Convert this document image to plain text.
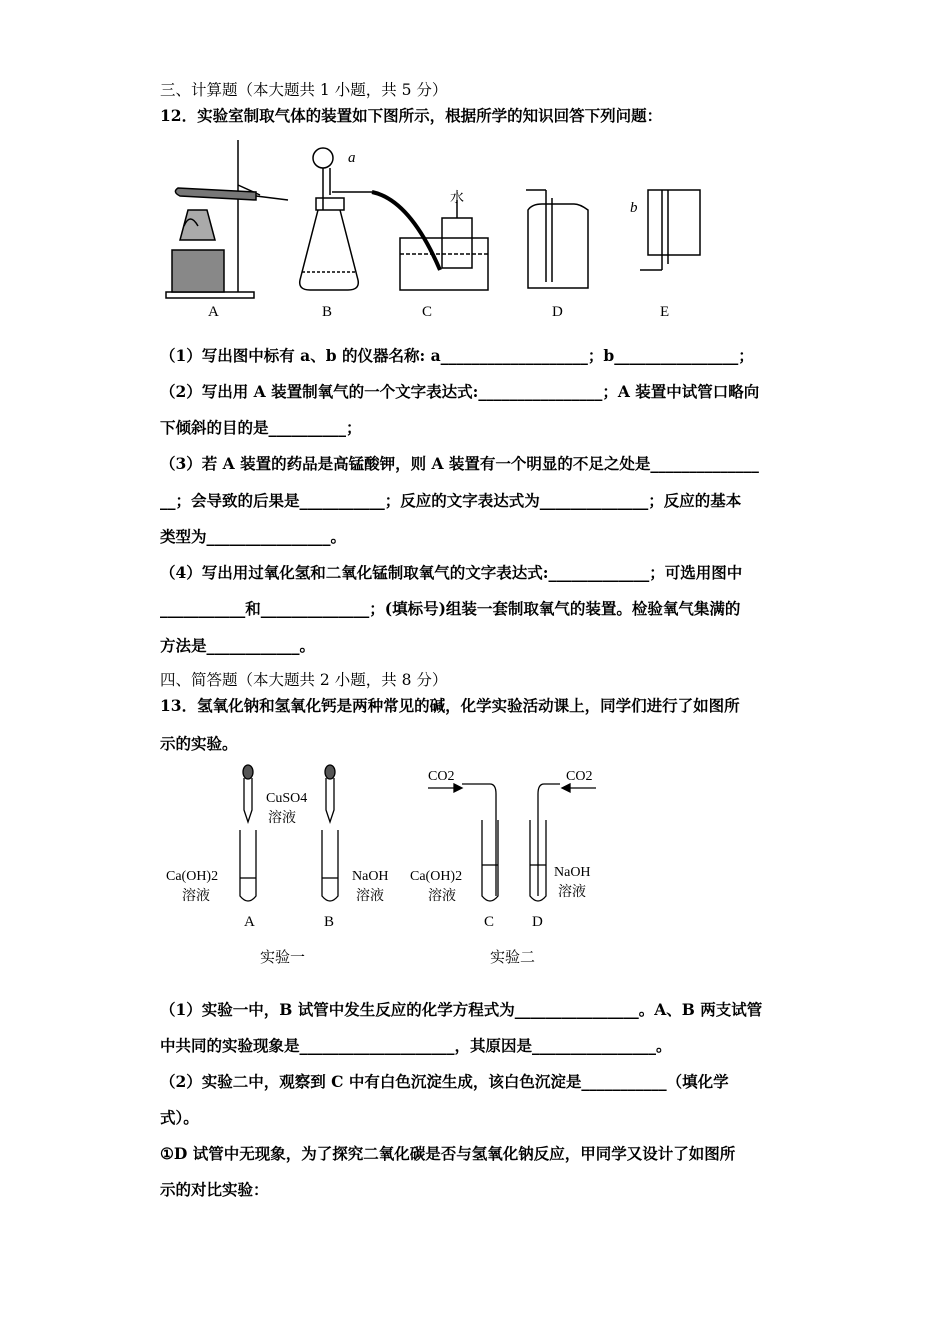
三、计算题（本大题共 1 小题，共 5 分）
12．实验室制取气体的装置如下图所示，根据所学的知识回答下列问题：
a
水
b
A	B	C	D	E
（1）写出图中标有 a、b 的仪器名称: a___________________；b________________；
（2）写出用 A 装置制氧气的一个文字表达式:________________；A 装置中试管口略向
下倾斜的目的是__________；
（3）若 A 装置的药品是高锰酸钾，则 A 装置有一个明显的不足之处是______________
__；会导致的后果是___________；反应的文字表达式为______________；反应的基本
类型为________________。
（4）写出用过氧化氢和二氧化锰制取氧气的文字表达式:_____________；可选用图中
___________和______________；(填标号)组装一套制取氧气的装置。检验氧气集满的
方法是____________。
四、简答题（本大题共 2 小题，共 8 分）
13．氢氧化钠和氢氧化钙是两种常见的碱，化学实验活动课上，同学们进行了如图所
示的实验。
CuSO4
溶液
Ca(OH)2
溶液
NaOH
溶液
A	B
实验一
CO2	CO2
Ca(OH)2
溶液
NaOH
溶液
C	D
实验二
（1）实验一中，B 试管中发生反应的化学方程式为________________。A、B 两支试管
中共同的实验现象是____________________，其原因是________________。
（2）实验二中，观察到 C 中有白色沉淀生成，该白色沉淀是___________（填化学
式）。
①D 试管中无现象，为了探究二氧化碳是否与氢氧化钠反应，甲同学又设计了如图所
示的对比实验：
